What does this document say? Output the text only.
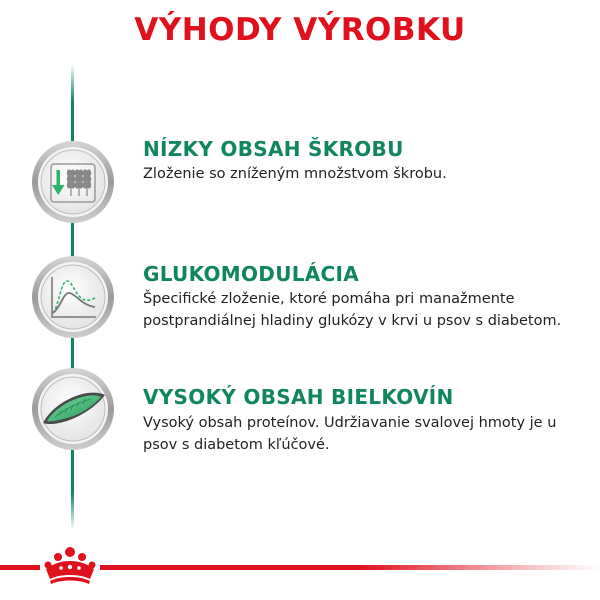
VÝHODY VÝROBKU
NÍZKY OBSAH ŠKROBU
Zloženie so zníženým množstvom škrobu.
GLUKOMODULÁCIA
Špecifické zloženie, ktoré pomáha pri manažmente postprandiálnej hladiny glukózy v krvi u psov s diabetom.
VYSOKÝ OBSAH BIELKOVÍN
Vysoký obsah proteínov. Udržiavanie svalovej hmoty je u psov s diabetom kľúčové.
